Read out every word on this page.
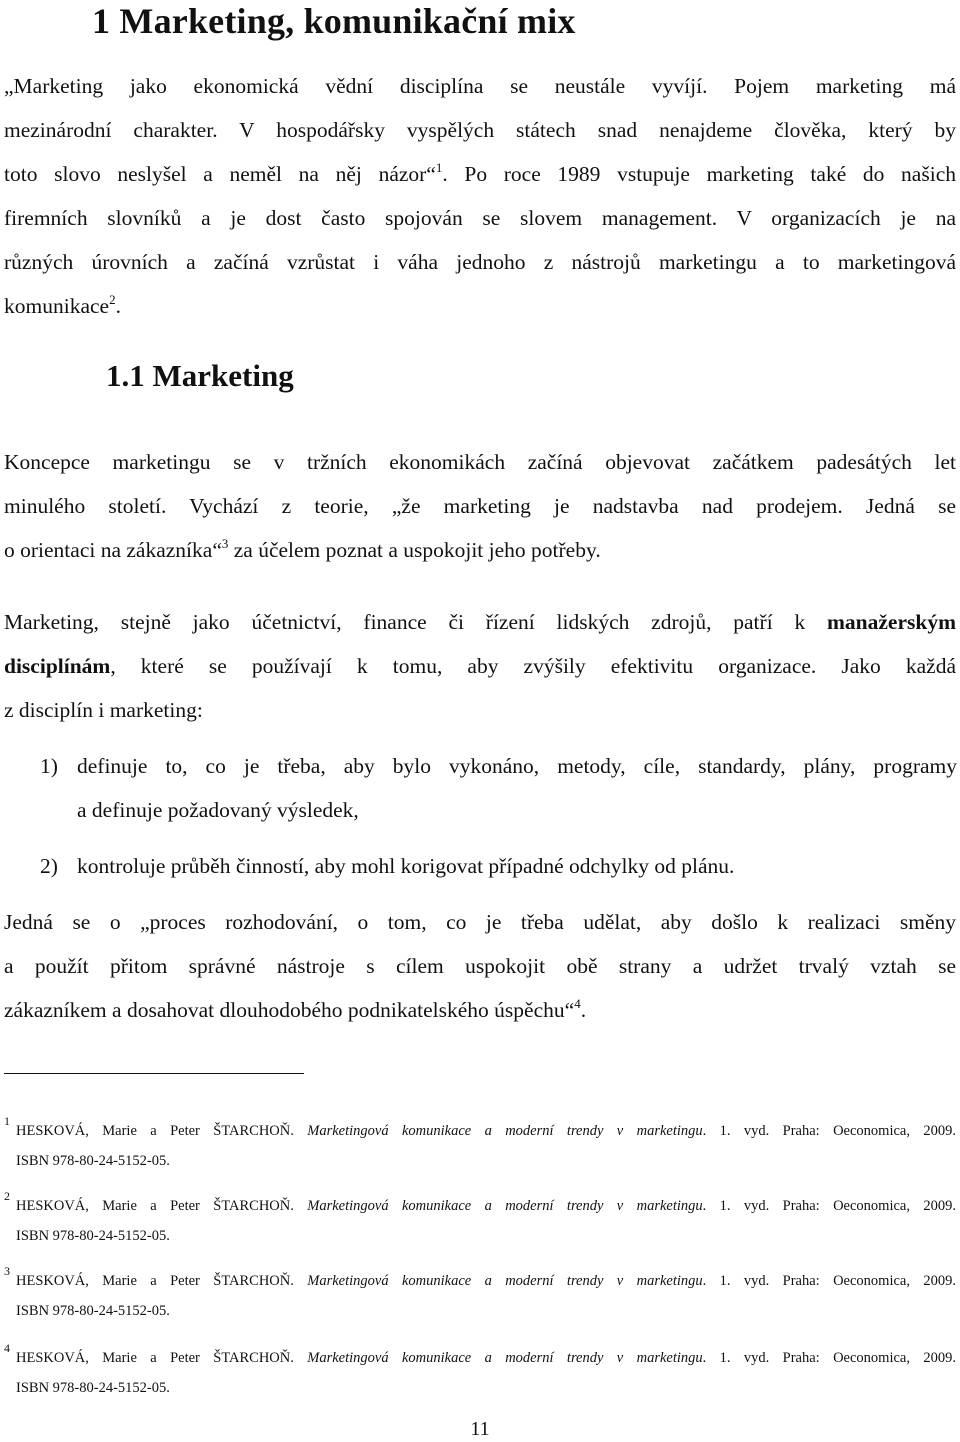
1 Marketing, komunikační mix
„Marketing jako ekonomická vědní disciplína se neustále vyvíjí. Pojem marketing má
mezinárodní charakter. V hospodářsky vyspělých státech snad nenajdeme člověka, který by
toto slovo neslyšel a neměl na něj názor“$^1$. Po roce 1989 vstupuje marketing také do našich
firemních slovníků a je dost často spojován se slovem management. V organizacích je na
různých úrovních a začíná vzrůstat i váha jednoho z nástrojů marketingu a to marketingová
komunikace$^2$.
1.1 Marketing
Koncepce marketingu se v tržních ekonomikách začíná objevovat začátkem padesátých let
minulého století. Vychází z teorie, „že marketing je nadstavba nad prodejem. Jedná se
o orientaci na zákazníka“$^3$ za účelem poznat a uspokojit jeho potřeby.
Marketing, stejně jako účetnictví, finance či řízení lidských zdrojů, patří k manažerským
disciplínám, které se používají k tomu, aby zvýšily efektivitu organizace. Jako každá
z disciplín i marketing:
1) definuje to, co je třeba, aby bylo vykonáno, metody, cíle, standardy, plány, programy
a definuje požadovaný výsledek,
2) kontroluje průběh činností, aby mohl korigovat případné odchylky od plánu.
Jedná se o „proces rozhodování, o tom, co je třeba udělat, aby došlo k realizaci směny
a použít přitom správné nástroje s cílem uspokojit obě strany a udržet trvalý vztah se
zákazníkem a dosahovat dlouhodobého podnikatelského úspěchu“$^4$.
1
HESKOVÁ, Marie a Peter ŠTARCHOŇ. Marketingová komunikace a moderní trendy v marketingu. 1. vyd. Praha: Oeconomica, 2009.
ISBN 978-80-24-5152-05.
2
HESKOVÁ, Marie a Peter ŠTARCHOŇ. Marketingová komunikace a moderní trendy v marketingu. 1. vyd. Praha: Oeconomica, 2009.
ISBN 978-80-24-5152-05.
3
HESKOVÁ, Marie a Peter ŠTARCHOŇ. Marketingová komunikace a moderní trendy v marketingu. 1. vyd. Praha: Oeconomica, 2009.
ISBN 978-80-24-5152-05.
4
HESKOVÁ, Marie a Peter ŠTARCHOŇ. Marketingová komunikace a moderní trendy v marketingu. 1. vyd. Praha: Oeconomica, 2009.
ISBN 978-80-24-5152-05.
11
